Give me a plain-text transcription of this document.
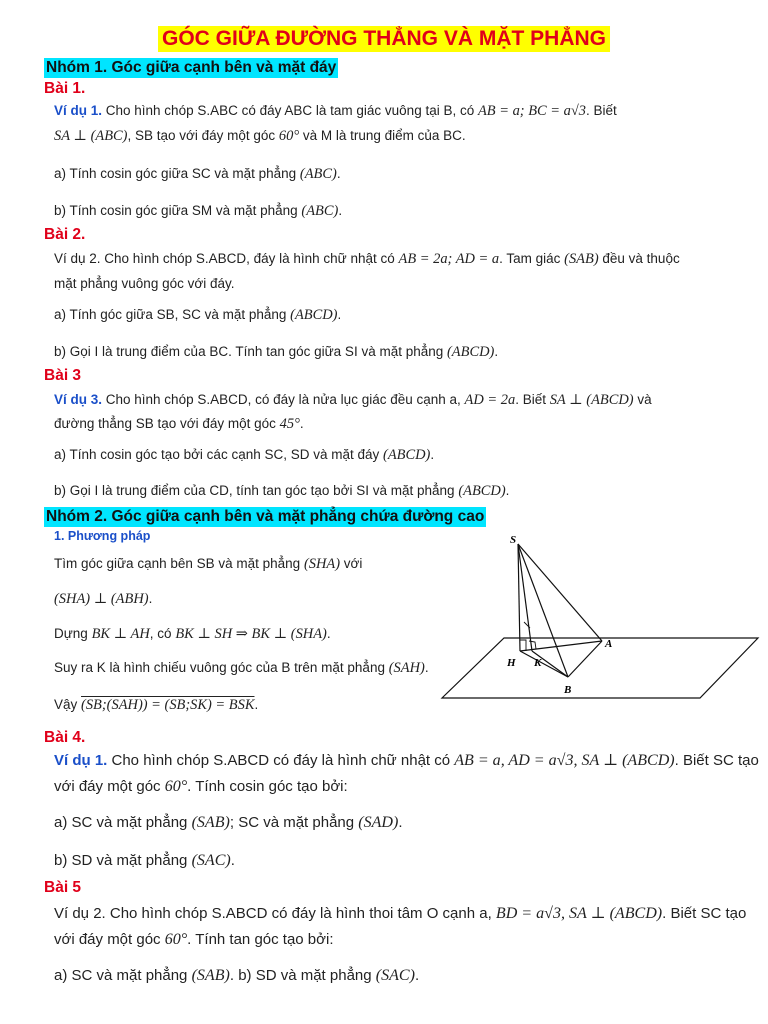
GÓC GIỮA ĐƯỜNG THẲNG VÀ MẶT PHẲNG
Nhóm 1. Góc giữa cạnh bên và mặt đáy
Bài 1.
Ví dụ 1. Cho hình chóp S.ABC có đáy ABC là tam giác vuông tại B, có AB = a; BC = a√3. Biết
SA ⊥ (ABC), SB tạo với đáy một góc 60° và M là trung điểm của BC.
a) Tính cosin góc giữa SC và mặt phẳng (ABC).
b) Tính cosin góc giữa SM và mặt phẳng (ABC).
Bài 2.
Ví dụ 2. Cho hình chóp S.ABCD, đáy là hình chữ nhật có AB = 2a; AD = a. Tam giác (SAB) đều và thuộc
mặt phẳng vuông góc với đáy.
a) Tính góc giữa SB, SC và mặt phẳng (ABCD).
b) Gọi I là trung điểm của BC. Tính tan góc giữa SI và mặt phẳng (ABCD).
Bài 3
Ví dụ 3. Cho hình chóp S.ABCD, có đáy là nửa lục giác đều cạnh a, AD = 2a. Biết SA ⊥ (ABCD) và
đường thẳng SB tạo với đáy một góc 45°.
a) Tính cosin góc tạo bởi các cạnh SC, SD và mặt đáy (ABCD).
b) Gọi I là trung điểm của CD, tính tan góc tạo bởi SI và mặt phẳng (ABCD).
Nhóm 2. Góc giữa cạnh bên và mặt phẳng chứa đường cao
1. Phương pháp
Tìm góc giữa cạnh bên SB và mặt phẳng (SHA) với
(SHA) ⊥ (ABH).
Dựng BK ⊥ AH, có BK ⊥ SH ⇒ BK ⊥ (SHA).
Suy ra K là hình chiếu vuông góc của B trên mặt phẳng (SAH).
Vậy (SB;(SAH)) = (SB;SK) = BSK.
S
H K
A
B
Bài 4.
Ví dụ 1. Cho hình chóp S.ABCD có đáy là hình chữ nhật có AB = a, AD = a√3, SA ⊥ (ABCD). Biết SC tạo
với đáy một góc 60°. Tính cosin góc tạo bởi:
a) SC và mặt phẳng (SAB); SC và mặt phẳng (SAD).
b) SD và mặt phẳng (SAC).
Bài 5
Ví dụ 2. Cho hình chóp S.ABCD có đáy là hình thoi tâm O cạnh a, BD = a√3, SA ⊥ (ABCD). Biết SC tạo
với đáy một góc 60°. Tính tan góc tạo bởi:
a) SC và mặt phẳng (SAB). b) SD và mặt phẳng (SAC).
